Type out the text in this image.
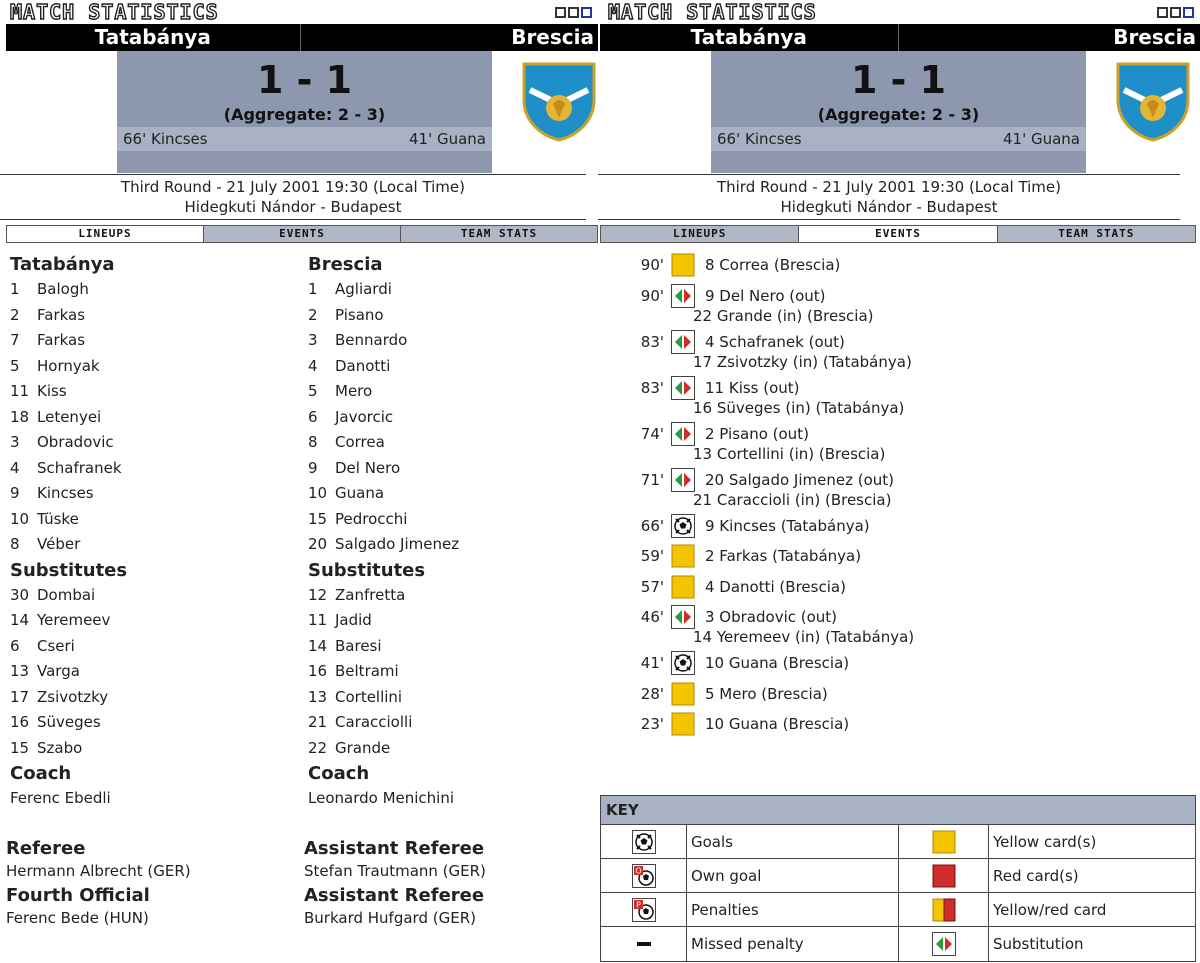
MATCH STATISTICS
Tatabánya	Brescia
1 - 1
(Aggregate: 2 - 3)
66' Kincses	41' Guana
Third Round - 21 July 2001 19:30 (Local Time)
Hidegkuti Nándor - Budapest
LINEUPS	EVENTS	TEAM STATS
Tatabánya
1 Balogh
2 Farkas
7 Farkas
5 Hornyak
11 Kiss
18 Letenyei
3 Obradovic
4 Schafranek
9 Kincses
10 Tüske
8 Véber
Substitutes
30 Dombai
14 Yeremeev
6 Cseri
13 Varga
17 Zsivotzky
16 Süveges
15 Szabo
Coach
Ferenc Ebedli
Brescia
1 Agliardi
2 Pisano
3 Bennardo
4 Danotti
5 Mero
6 Javorcic
8 Correa
9 Del Nero
10 Guana
15 Pedrocchi
20 Salgado Jimenez
Substitutes
12 Zanfretta
11 Jadid
14 Baresi
16 Beltrami
13 Cortellini
21 Caracciolli
22 Grande
Coach
Leonardo Menichini
Referee
Hermann Albrecht (GER)
Fourth Official
Ferenc Bede (HUN)
Assistant Referee
Stefan Trautmann (GER)
Assistant Referee
Burkard Hufgard (GER)
MATCH STATISTICS
Tatabánya	Brescia
1 - 1
(Aggregate: 2 - 3)
66' Kincses	41' Guana
Third Round - 21 July 2001 19:30 (Local Time)
Hidegkuti Nándor - Budapest
LINEUPS	EVENTS	TEAM STATS
90'	8 Correa (Brescia)
90'	9 Del Nero (out)
22 Grande (in) (Brescia)
83'	4 Schafranek (out)
17 Zsivotzky (in) (Tatabánya)
83'	11 Kiss (out)
16 Süveges (in) (Tatabánya)
74'	2 Pisano (out)
13 Cortellini (in) (Brescia)
71'	20 Salgado Jimenez (out)
21 Caraccioli (in) (Brescia)
66'	9 Kincses (Tatabánya)
59'	2 Farkas (Tatabánya)
57'	4 Danotti (Brescia)
46'	3 Obradovic (out)
14 Yeremeev (in) (Tatabánya)
41'	10 Guana (Brescia)
28'	5 Mero (Brescia)
23'	10 Guana (Brescia)
KEY
Goals	Yellow card(s)
O	Own goal	Red card(s)
P	Penalties	Yellow/red card
Missed penalty	Substitution
